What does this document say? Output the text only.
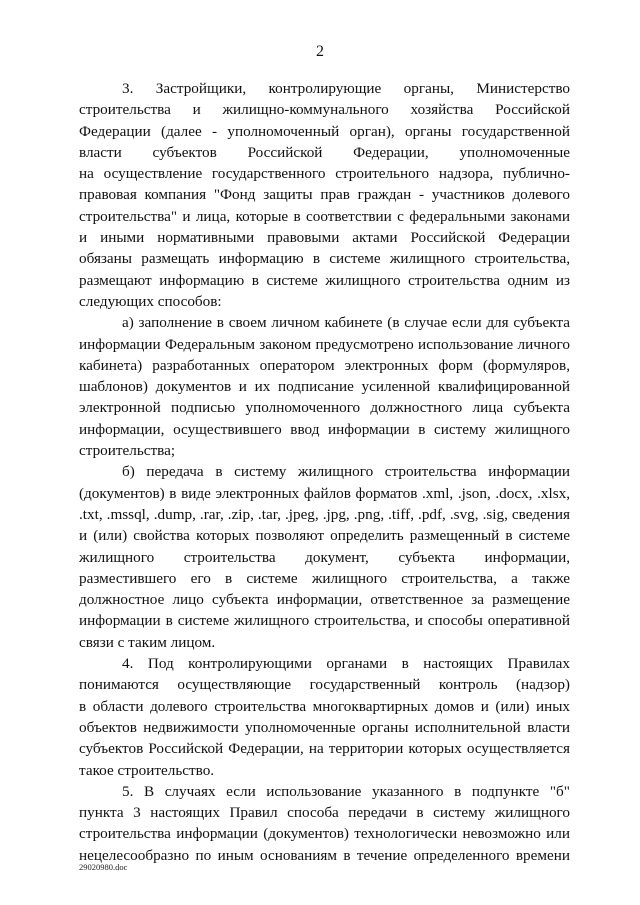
2
3. Застройщики, контролирующие органы, Министерство
строительства и жилищно-коммунального хозяйства Российской
Федерации (далее - уполномоченный орган), органы государственной
власти субъектов Российской Федерации, уполномоченные
на осуществление государственного строительного надзора, публично-
правовая компания "Фонд защиты прав граждан - участников долевого
строительства" и лица, которые в соответствии с федеральными законами
и иными нормативными правовыми актами Российской Федерации
обязаны размещать информацию в системе жилищного строительства,
размещают информацию в системе жилищного строительства одним из
следующих способов:
а) заполнение в своем личном кабинете (в случае если для субъекта
информации Федеральным законом предусмотрено использование личного
кабинета) разработанных оператором электронных форм (формуляров,
шаблонов) документов и их подписание усиленной квалифицированной
электронной подписью уполномоченного должностного лица субъекта
информации, осуществившего ввод информации в систему жилищного
строительства;
б) передача в систему жилищного строительства информации
(документов) в виде электронных файлов форматов .xml, .json, .docx, .xlsx,
.txt, .mssql, .dump, .rar, .zip, .tar, .jpeg, .jpg, .png, .tiff, .pdf, .svg, .sig, сведения
и (или) свойства которых позволяют определить размещенный в системе
жилищного строительства документ, субъекта информации,
разместившего его в системе жилищного строительства, а также
должностное лицо субъекта информации, ответственное за размещение
информации в системе жилищного строительства, и способы оперативной
связи с таким лицом.
4. Под контролирующими органами в настоящих Правилах
понимаются осуществляющие государственный контроль (надзор)
в области долевого строительства многоквартирных домов и (или) иных
объектов недвижимости уполномоченные органы исполнительной власти
субъектов Российской Федерации, на территории которых осуществляется
такое строительство.
5. В случаях если использование указанного в подпункте "б"
пункта 3 настоящих Правил способа передачи в систему жилищного
строительства информации (документов) технологически невозможно или
нецелесообразно по иным основаниям в течение определенного времени
29020980.doc
